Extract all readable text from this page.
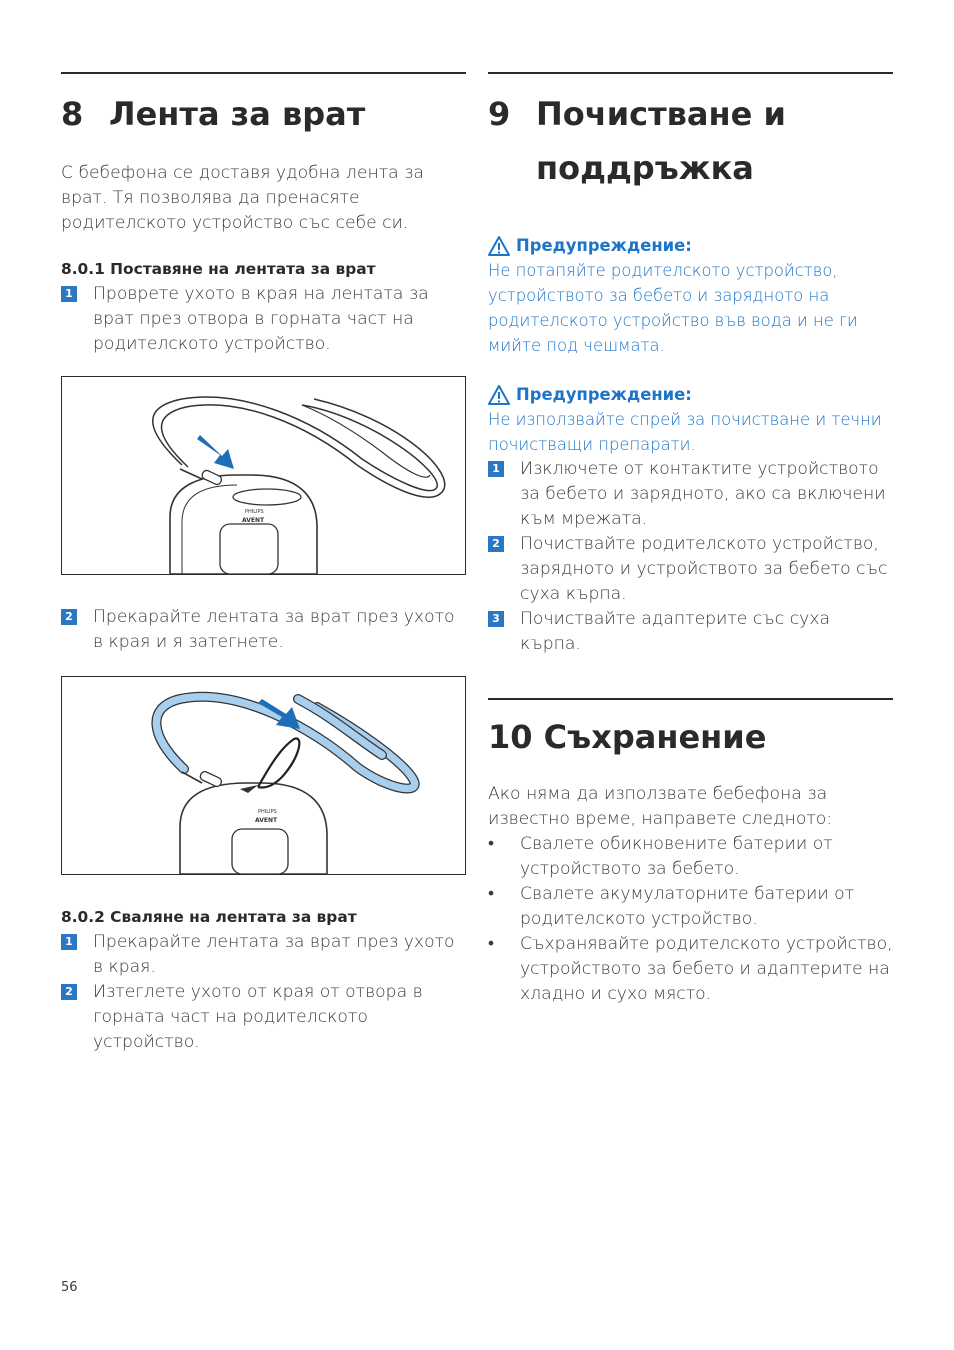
8 Лента за врат

С бебефона се доставя удобна лента за врат. Тя позволява да пренасяте родителското устройство със себе си.

8.0.1 Поставяне на лентата за врат
1 Проврете ухото в края на лентата за врат през отвора в горната част на родителското устройство.
PHILIPS
AVENT
2 Прекарайте лентата за врат през ухото в края и я затегнете.
PHILIPS
AVENT
8.0.2 Сваляне на лентата за врат
1 Прекарайте лентата за врат през ухото в края.
2 Изтеглете ухото от края от отвора в горната част на родителското устройство.
9 Почистване и
поддръжка
Предупреждение:
Не потапяйте родителското устройство, устройството за бебето и зарядното на родителското устройство във вода и не ги мийте под чешмата.
Предупреждение:
Не използвайте спрей за почистване и течни почистващи препарати.
1 Изключете от контактите устройството за бебето и зарядното, ако са включени към мрежата.
2 Почиствайте родителското устройство, зарядното и устройството за бебето със суха кърпа.
3 Почиствайте адаптерите със суха кърпа.
10 Съхранение

Ако няма да използвате бебефона за известно време, направете следното:

•	Свалете обикновените батерии от устройството за бебето.
•	Свалете акумулаторните батерии от родителското устройство.
•	Съхранявайте родителското устройство, устройството за бебето и адаптерите на хладно и сухо място.
56
